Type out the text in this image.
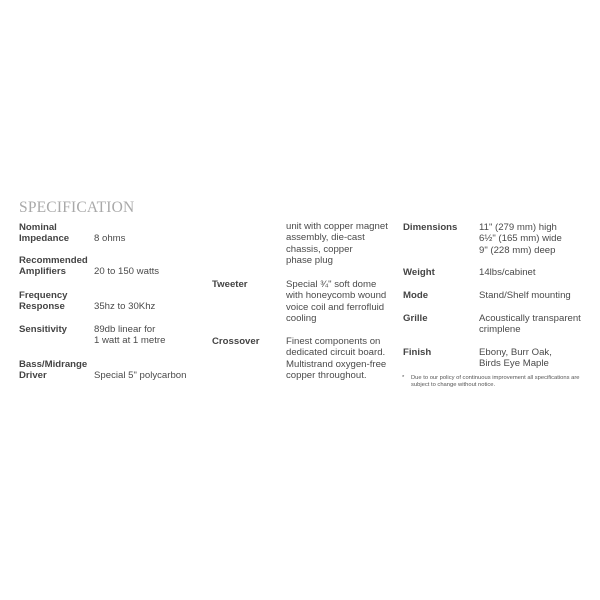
SPECIFICATION
Nominal
Impedance	8 ohms
Recommended
Amplifiers	20 to 150 watts
Frequency
Response	35hz to 30Khz
Sensitivity	89db linear for
1 watt at 1 metre
Bass/Midrange
Driver	Special 5" polycarbon
unit with copper magnet
assembly, die-cast
chassis, copper
phase plug
Tweeter	Special ¾" soft dome
with honeycomb wound
voice coil and ferrofluid
cooling
Crossover	Finest components on
dedicated circuit board.
Multistrand oxygen-free
copper throughout.
Dimensions 11" (279 mm) high
6½" (165 mm) wide
9" (228 mm) deep
Weight	14lbs/cabinet
Mode	Stand/Shelf mounting
Grille	Acoustically transparent
crimplene
Finish	Ebony, Burr Oak,
Birds Eye Maple
*	Due to our policy of continuous improvement all specifications are
subject to change without notice.
